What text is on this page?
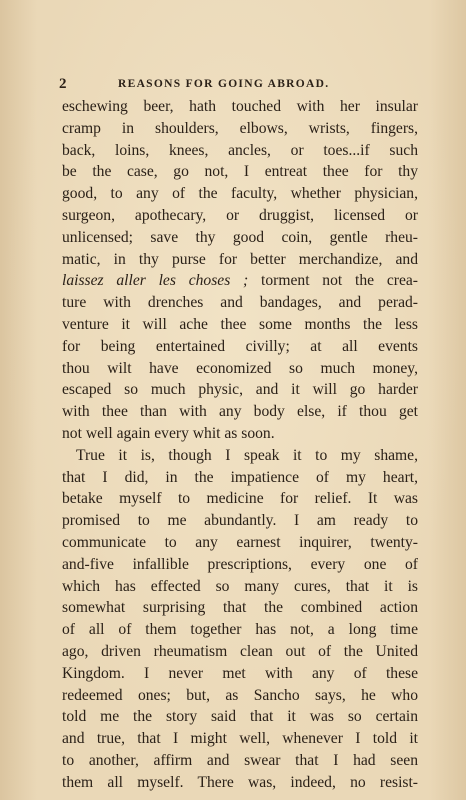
2	REASONS FOR GOING ABROAD.
eschewing beer, hath touched with her insular
cramp in shoulders, elbows, wrists, fingers,
back, loins, knees, ancles, or toes...if such
be the case, go not, I entreat thee for thy
good, to any of the faculty, whether physician,
surgeon, apothecary, or druggist, licensed or
unlicensed; save thy good coin, gentle rheu-
matic, in thy purse for better merchandize, and
laissez aller les choses ; torment not the crea-
ture with drenches and bandages, and perad-
venture it will ache thee some months the less
for being entertained civilly; at all events
thou wilt have economized so much money,
escaped so much physic, and it will go harder
with thee than with any body else, if thou get
not well again every whit as soon.
True it is, though I speak it to my shame,
that I did, in the impatience of my heart,
betake myself to medicine for relief. It was
promised to me abundantly. I am ready to
communicate to any earnest inquirer, twenty-
and-five infallible prescriptions, every one of
which has effected so many cures, that it is
somewhat surprising that the combined action
of all of them together has not, a long time
ago, driven rheumatism clean out of the United
Kingdom. I never met with any of these
redeemed ones; but, as Sancho says, he who
told me the story said that it was so certain
and true, that I might well, whenever I told it
to another, affirm and swear that I had seen
them all myself. There was, indeed, no resist-
